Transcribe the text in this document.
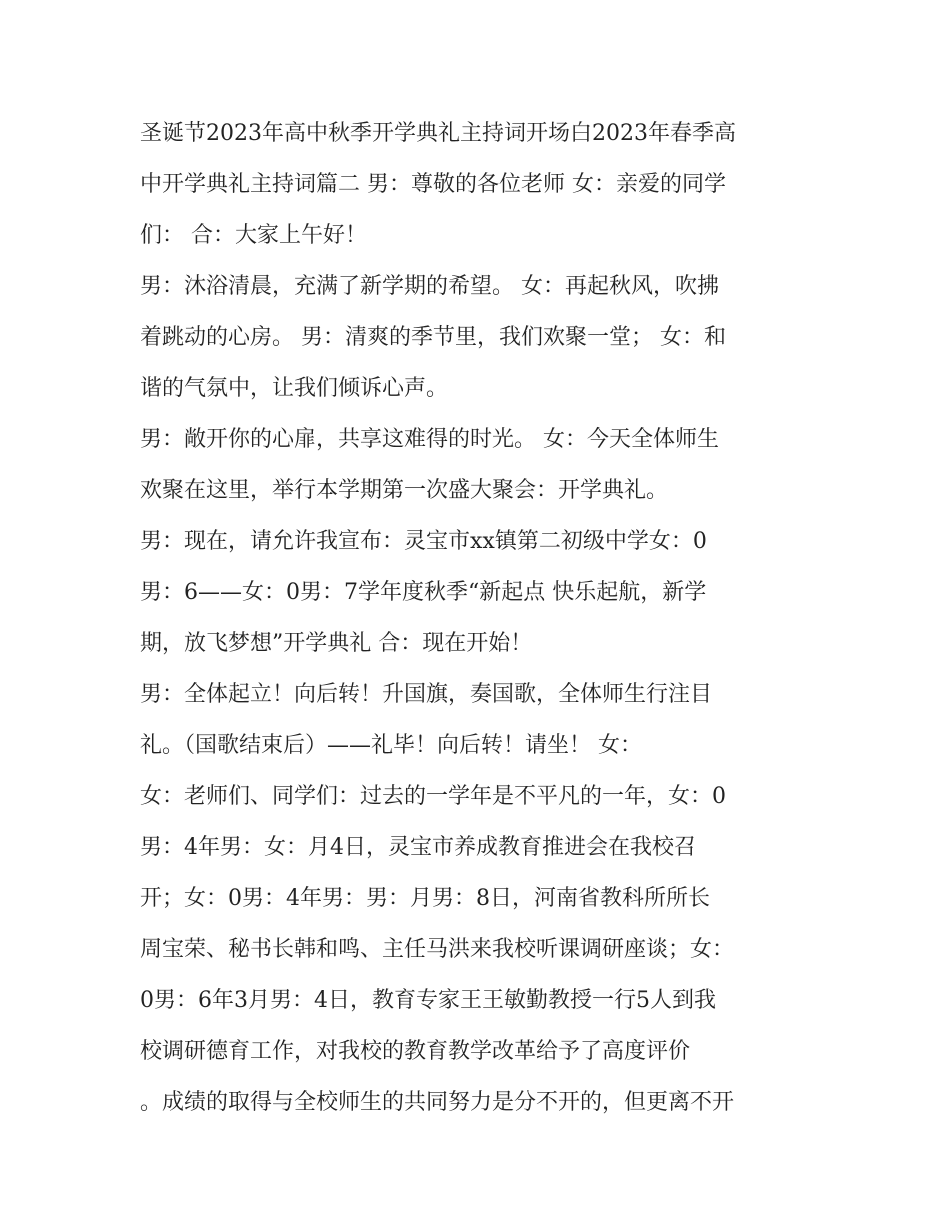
圣诞节2023年高中秋季开学典礼主持词开场白2023年春季高
中开学典礼主持词篇二 男：尊敬的各位老师 女：亲爱的同学
们： 合：大家上午好！
男：沐浴清晨，充满了新学期的希望。 女：再起秋风，吹拂
着跳动的心房。 男：清爽的季节里，我们欢聚一堂； 女：和
谐的气氛中，让我们倾诉心声。
男：敞开你的心扉，共享这难得的时光。 女：今天全体师生
欢聚在这里，举行本学期第一次盛大聚会：开学典礼。
男：现在，请允许我宣布：灵宝市xx镇第二初级中学女：0
男：6——女：0男：7学年度秋季“新起点 快乐起航，新学
期，放飞梦想”开学典礼 合：现在开始！
男：全体起立！向后转！升国旗，奏国歌，全体师生行注目
礼。（国歌结束后）——礼毕！向后转！请坐！ 女：
女：老师们、同学们：过去的一学年是不平凡的一年，女：0
男：4年男：女：月4日，灵宝市养成教育推进会在我校召
开；女：0男：4年男：男：月男：8日，河南省教科所所长
周宝荣、秘书长韩和鸣、主任马洪来我校听课调研座谈；女：
0男：6年3月男：4日，教育专家王王敏勤教授一行5人到我
校调研德育工作，对我校的教育教学改革给予了高度评价
。成绩的取得与全校师生的共同努力是分不开的，但更离不开
